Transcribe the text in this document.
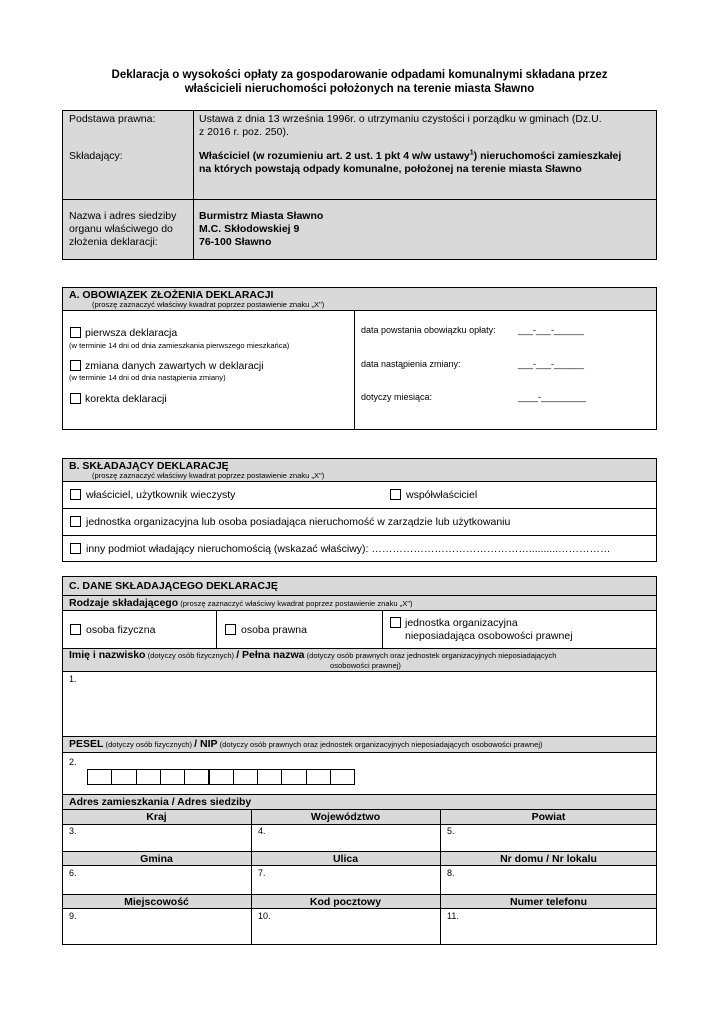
Deklaracja o wysokości opłaty za gospodarowanie odpadami komunalnymi składana przez
właścicieli nieruchomości położonych na terenie miasta Sławno
Podstawa prawna:	Ustawa z dnia 13 września 1996r. o utrzymaniu czystości i porządku w gminach (Dz.U.
z 2016 r. poz. 250).
Składający:	Właściciel (w rozumieniu art. 2 ust. 1 pkt 4 w/w ustawy$^1$) nieruchomości zamieszkałej
na których powstają odpady komunalne, położonej na terenie miasta Sławno
Nazwa i adres siedziby
organu właściwego do
złożenia deklaracji:
Burmistrz Miasta Sławno
M.C. Skłodowskiej 9
76-100 Sławno
A. OBOWIĄZEK ZŁOŻENIA DEKLARACJI
(proszę zaznaczyć właściwy kwadrat poprzez postawienie znaku „X")
pierwsza deklaracja
(w terminie 14 dni od dnia zamieszkania pierwszego mieszkańca)
zmiana danych zawartych w deklaracji
(w terminie 14 dni od dnia nastąpienia zmiany)
korekta deklaracji
data powstania obowiązku opłaty: ___-___-______
data nastąpienia zmiany:	___-___-______
dotyczy miesiąca:	____-_________
B. SKŁADAJĄCY DEKLARACJĘ
(proszę zaznaczyć właściwy kwadrat poprzez postawienie znaku „X")
właściciel, użytkownik wieczysty	współwłaściciel
jednostka organizacyjna lub osoba posiadająca nieruchomość w zarządzie lub użytkowaniu
inny podmiot władający nieruchomością (wskazać właściwy): ………………………………………..........……………
C. DANE SKŁADAJĄCEGO DEKLARACJĘ
Rodzaje składającego (proszę zaznaczyć właściwy kwadrat poprzez postawienie znaku „X")
osoba fizyczna	osoba prawna
jednostka organizacyjna
nieposiadająca osobowości prawnej
Imię i nazwisko (dotyczy osób fizycznych) / Pełna nazwa (dotyczy osób prawnych oraz jednostek organizacyjnych nieposiadających
osobowości prawnej)
1.
PESEL (dotyczy osób fizycznych) / NIP (dotyczy osób prawnych oraz jednostek organizacyjnych nieposiadających osobowości prawnej)
2.
Adres zamieszkania / Adres siedziby
Kraj	Województwo	Powiat
3.	4.	5.
Gmina	Ulica	Nr domu / Nr lokalu
6.	7.	8.
Miejscowość	Kod pocztowy	Numer telefonu
9.	10.	11.
